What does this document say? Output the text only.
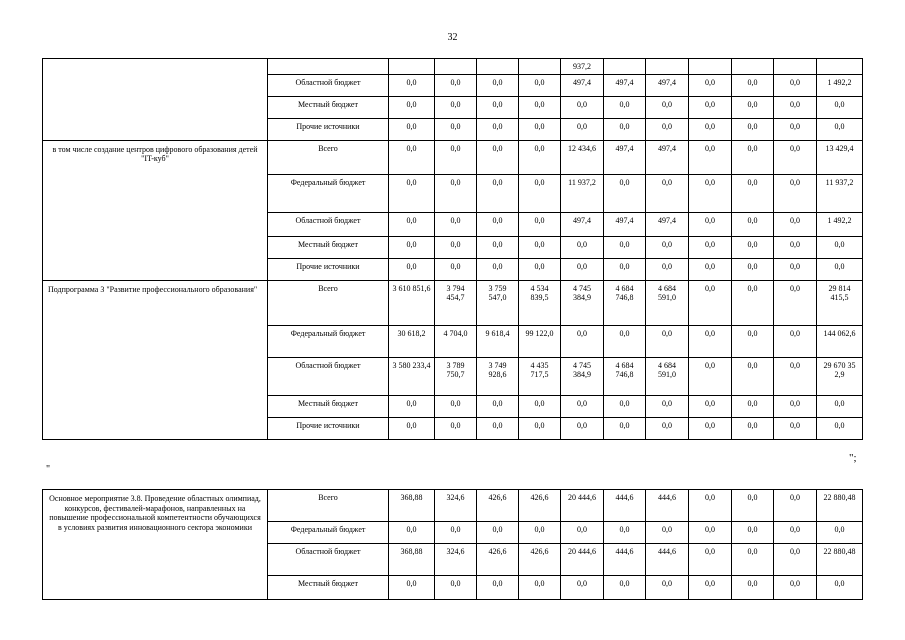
32
						937,2						
	Областной бюджет	0,0	0,0	0,0	0,0	497,4	497,4	497,4	0,0	0,0	0,0	1 492,2
	Местный бюджет	0,0	0,0	0,0	0,0	0,0	0,0	0,0	0,0	0,0	0,0	0,0
	Прочие источники	0,0	0,0	0,0	0,0	0,0	0,0	0,0	0,0	0,0	0,0	0,0
в том числе создание центров цифрового образования детей "IT-куб"	Всего	0,0	0,0	0,0	0,0	12 434,6	497,4	497,4	0,0	0,0	0,0	13 429,4
	Федеральный бюджет	0,0	0,0	0,0	0,0	11 937,2	0,0	0,0	0,0	0,0	0,0	11 937,2
	Областной бюджет	0,0	0,0	0,0	0,0	497,4	497,4	497,4	0,0	0,0	0,0	1 492,2
	Местный бюджет	0,0	0,0	0,0	0,0	0,0	0,0	0,0	0,0	0,0	0,0	0,0
	Прочие источники	0,0	0,0	0,0	0,0	0,0	0,0	0,0	0,0	0,0	0,0	0,0
Подпрограмма 3 "Развитие профессионального образования"	Всего	3 610 851,6	3 794 454,7	3 759 547,0	4 534 839,5	4 745 384,9	4 684 746,8	4 684 591,0	0,0	0,0	0,0	29 814 415,5
	Федеральный бюджет	30 618,2	4 704,0	9 618,4	99 122,0	0,0	0,0	0,0	0,0	0,0	0,0	144 062,6
	Областной бюджет	3 580 233,4	3 789 750,7	3 749 928,6	4 435 717,5	4 745 384,9	4 684 746,8	4 684 591,0	0,0	0,0	0,0	29 670 35 2,9
	Местный бюджет	0,0	0,0	0,0	0,0	0,0	0,0	0,0	0,0	0,0	0,0	0,0
	Прочие источники	0,0	0,0	0,0	0,0	0,0	0,0	0,0	0,0	0,0	0,0	0,0
";
"
Основное мероприятие 3.8. Проведение областных олимпиад, конкурсов, фестивалей-марафонов, направленных на повышение профессиональной компетентности обучающихся в условиях развития инновационного сектора экономики	Всего	368,88	324,6	426,6	426,6	20 444,6	444,6	444,6	0,0	0,0	0,0	22 880,48
	Федеральный бюджет	0,0	0,0	0,0	0,0	0,0	0,0	0,0	0,0	0,0	0,0	0,0
	Областной бюджет	368,88	324,6	426,6	426,6	20 444,6	444,6	444,6	0,0	0,0	0,0	22 880,48
	Местный бюджет	0,0	0,0	0,0	0,0	0,0	0,0	0,0	0,0	0,0	0,0	0,0
